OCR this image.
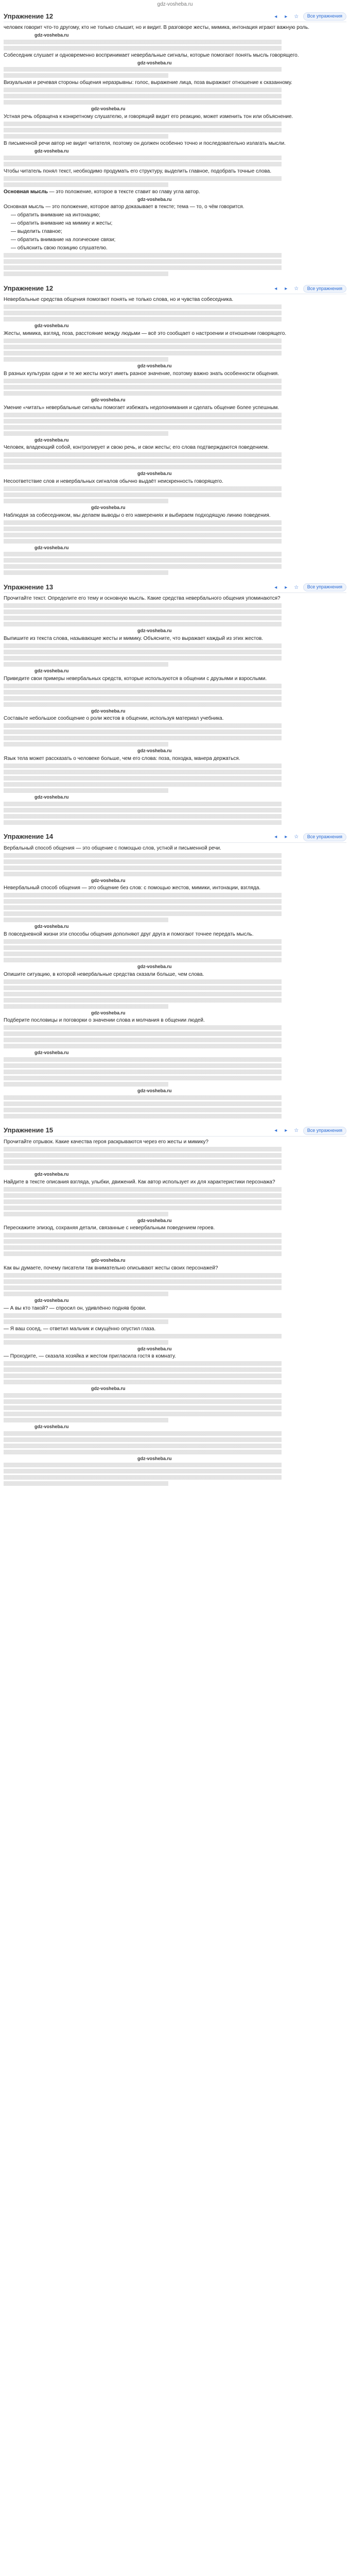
gdz-vosheba.ru
Упражнение 12	◂	▸	☆	Все упражнения

человек говорит что-то другому, кто не только слышит, но и видит. В разговоре жесты, мимика, интонация играют важную роль.

gdz-vosheba.ru

Собеседник слушает и одновременно воспринимает невербальные сигналы, которые помогают понять мысль говорящего.

gdz-vosheba.ru

Визуальная и речевая стороны общения неразрывны: голос, выражение лица, поза выражают отношение к сказанному.

gdz-vosheba.ru

Устная речь обращена к конкретному слушателю, и говорящий видит его реакцию, может изменить тон или объяснение.

В письменной речи автор не видит читателя, поэтому он должен особенно точно и последовательно излагать мысли.

gdz-vosheba.ru

Чтобы читатель понял текст, необходимо продумать его структуру, выделить главное, подобрать точные слова.

Основная мысль — это положение, которое в тексте ставит во главу угла автор.

gdz-vosheba.ru

Основная мысль — это положение, которое автор доказывает в тексте; тема — то, о чём говорится.

— обратить внимание на интонацию;

— обратить внимание на мимику и жесты;

— выделить главное;

— обратить внимание на логические связи;

— объяснить свою позицию слушателю.

Упражнение 12	◂	▸	☆	Все упражнения

Невербальные средства общения помогают понять не только слова, но и чувства собеседника.

gdz-vosheba.ru

Жесты, мимика, взгляд, поза, расстояние между людьми — всё это сообщает о настроении и отношении говорящего.

gdz-vosheba.ru

В разных культурах одни и те же жесты могут иметь разное значение, поэтому важно знать особенности общения.

gdz-vosheba.ru

Умение «читать» невербальные сигналы помогает избежать недопонимания и сделать общение более успешным.

gdz-vosheba.ru

Человек, владеющий собой, контролирует и свою речь, и свои жесты; его слова подтверждаются поведением.

gdz-vosheba.ru

Несоответствие слов и невербальных сигналов обычно выдаёт неискренность говорящего.

gdz-vosheba.ru

Наблюдая за собеседником, мы делаем выводы о его намерениях и выбираем подходящую линию поведения.

gdz-vosheba.ru
Упражнение 13	◂	▸	☆	Все упражнения

Прочитайте текст. Определите его тему и основную мысль. Какие средства невербального общения упоминаются?

gdz-vosheba.ru

Выпишите из текста слова, называющие жесты и мимику. Объясните, что выражает каждый из этих жестов.

gdz-vosheba.ru

Приведите свои примеры невербальных средств, которые используются в общении с друзьями и взрослыми.

gdz-vosheba.ru

Составьте небольшое сообщение о роли жестов в общении, используя материал учебника.

gdz-vosheba.ru

Язык тела может рассказать о человеке больше, чем его слова: поза, походка, манера держаться.

gdz-vosheba.ru
Упражнение 14	◂	▸	☆	Все упражнения

Вербальный способ общения — это общение с помощью слов, устной и письменной речи.

gdz-vosheba.ru

Невербальный способ общения — это общение без слов: с помощью жестов, мимики, интонации, взгляда.

gdz-vosheba.ru

В повседневной жизни эти способы общения дополняют друг друга и помогают точнее передать мысль.

gdz-vosheba.ru

Опишите ситуацию, в которой невербальные средства сказали больше, чем слова.

gdz-vosheba.ru

Подберите пословицы и поговорки о значении слова и молчания в общении людей.

gdz-vosheba.ru
gdz-vosheba.ru
Упражнение 15	◂	▸	☆	Все упражнения

Прочитайте отрывок. Какие качества героя раскрываются через его жесты и мимику?

gdz-vosheba.ru

Найдите в тексте описания взгляда, улыбки, движений. Как автор использует их для характеристики персонажа?

gdz-vosheba.ru

Перескажите эпизод, сохраняя детали, связанные с невербальным поведением героев.

gdz-vosheba.ru

Как вы думаете, почему писатели так внимательно описывают жесты своих персонажей?

gdz-vosheba.ru

— А вы кто такой? — спросил он, удивлённо подняв брови.

— Я ваш сосед, — ответил мальчик и смущённо опустил глаза.

gdz-vosheba.ru

— Проходите, — сказала хозяйка и жестом пригласила гостя в комнату.

gdz-vosheba.ru
gdz-vosheba.ru
gdz-vosheba.ru
